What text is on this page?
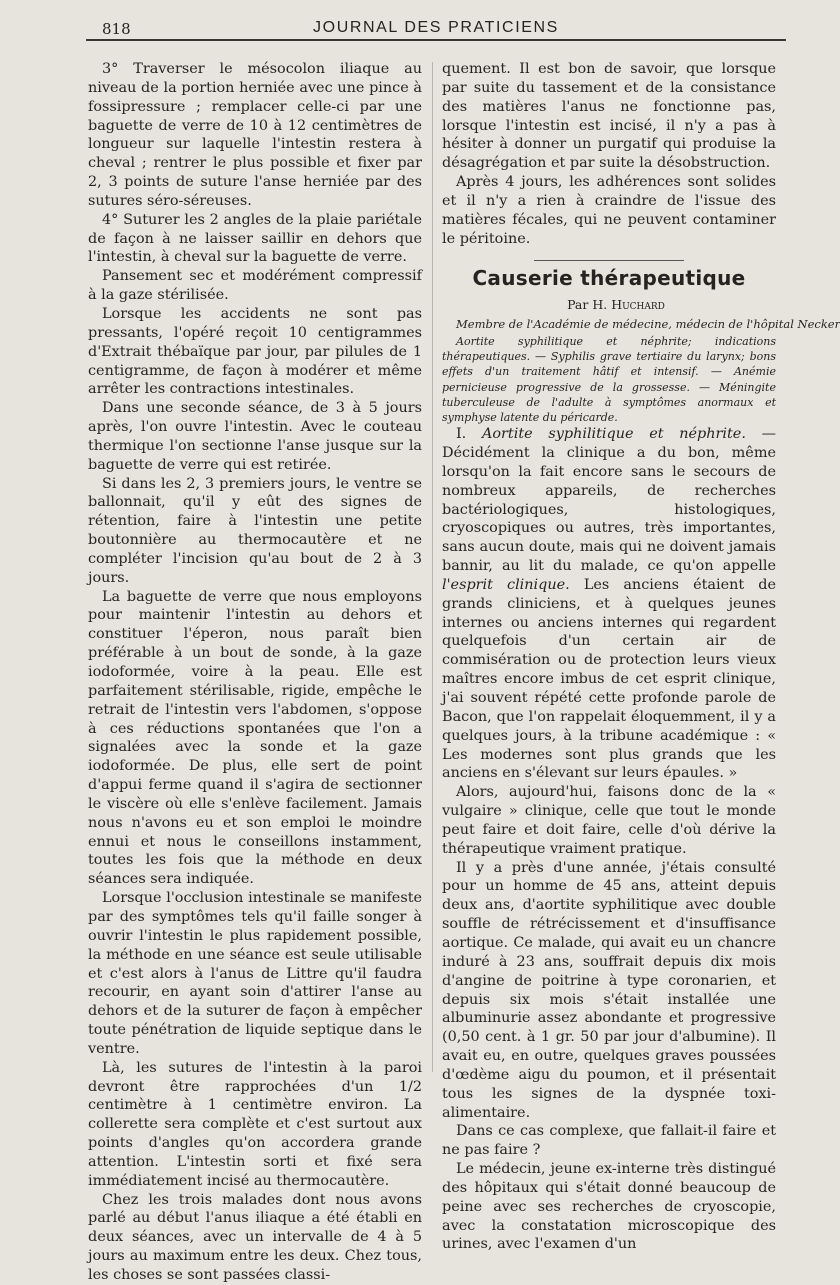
818	JOURNAL DES PRATICIENS

3° Traverser le mésocolon iliaque au niveau de la portion herniée avec une pince à fossipressure ; remplacer celle-ci par une baguette de verre de 10 à 12 centimètres de longueur sur laquelle l'intestin restera à cheval ; rentrer le plus possible et fixer par 2, 3 points de suture l'anse herniée par des sutures séro-séreuses.

4° Suturer les 2 angles de la plaie pariétale de façon à ne laisser saillir en dehors que l'intestin, à cheval sur la baguette de verre.

Pansement sec et modérément compressif à la gaze stérilisée.

Lorsque les accidents ne sont pas pressants, l'opéré reçoit 10 centigrammes d'Extrait thébaïque par jour, par pilules de 1 centigramme, de façon à modérer et même arrêter les contractions intestinales.

Dans une seconde séance, de 3 à 5 jours après, l'on ouvre l'intestin. Avec le couteau thermique l'on sectionne l'anse jusque sur la baguette de verre qui est retirée.

Si dans les 2, 3 premiers jours, le ventre se ballonnait, qu'il y eût des signes de rétention, faire à l'intestin une petite boutonnière au thermocautère et ne compléter l'incision qu'au bout de 2 à 3 jours.

La baguette de verre que nous employons pour maintenir l'intestin au dehors et constituer l'éperon, nous paraît bien préférable à un bout de sonde, à la gaze iodoformée, voire à la peau. Elle est parfaitement stérilisable, rigide, empêche le retrait de l'intestin vers l'abdomen, s'oppose à ces réductions spontanées que l'on a signalées avec la sonde et la gaze iodoformée. De plus, elle sert de point d'appui ferme quand il s'agira de sectionner le viscère où elle s'enlève facilement. Jamais nous n'avons eu et son emploi le moindre ennui et nous le conseillons instamment, toutes les fois que la méthode en deux séances sera indiquée.

Lorsque l'occlusion intestinale se manifeste par des symptômes tels qu'il faille songer à ouvrir l'intestin le plus rapidement possible, la méthode en une séance est seule utilisable et c'est alors à l'anus de Littre qu'il faudra recourir, en ayant soin d'attirer l'anse au dehors et de la suturer de façon à empêcher toute pénétration de liquide septique dans le ventre.

Là, les sutures de l'intestin à la paroi devront être rapprochées d'un 1/2 centimètre à 1 centimètre environ. La collerette sera complète et c'est surtout aux points d'angles qu'on accordera grande attention. L'intestin sorti et fixé sera immédiatement incisé au thermocautère.

Chez les trois malades dont nous avons parlé au début l'anus iliaque a été établi en deux séances, avec un intervalle de 4 à 5 jours au maximum entre les deux. Chez tous, les choses se sont passées classi-

quement. Il est bon de savoir, que lorsque par suite du tassement et de la consistance des matières l'anus ne fonctionne pas, lorsque l'intestin est incisé, il n'y a pas à hésiter à donner un purgatif qui produise la désagrégation et par suite la désobstruction.

Après 4 jours, les adhérences sont solides et il n'y a rien à craindre de l'issue des matières fécales, qui ne peuvent contaminer le péritoine.

Causerie thérapeutique

Par H. Huchard

Membre de l'Académie de médecine, médecin de l'hôpital Necker

Aortite syphilitique et néphrite; indications thérapeutiques. — Syphilis grave tertiaire du larynx; bons effets d'un traitement hâtif et intensif. — Anémie pernicieuse progressive de la grossesse. — Méningite tuberculeuse de l'adulte à symptômes anormaux et symphyse latente du péricarde.

I. Aortite syphilitique et néphrite. — Décidément la clinique a du bon, même lorsqu'on la fait encore sans le secours de nombreux appareils, de recherches bactériologiques, histologiques, cryoscopiques ou autres, très importantes, sans aucun doute, mais qui ne doivent jamais bannir, au lit du malade, ce qu'on appelle l'esprit clinique. Les anciens étaient de grands cliniciens, et à quelques jeunes internes ou anciens internes qui regardent quelquefois d'un certain air de commisération ou de protection leurs vieux maîtres encore imbus de cet esprit clinique, j'ai souvent répété cette profonde parole de Bacon, que l'on rappelait éloquemment, il y a quelques jours, à la tribune académique : « Les modernes sont plus grands que les anciens en s'élevant sur leurs épaules. »

Alors, aujourd'hui, faisons donc de la « vulgaire » clinique, celle que tout le monde peut faire et doit faire, celle d'où dérive la thérapeutique vraiment pratique.

Il y a près d'une année, j'étais consulté pour un homme de 45 ans, atteint depuis deux ans, d'aortite syphilitique avec double souffle de rétrécissement et d'insuffisance aortique. Ce malade, qui avait eu un chancre induré à 23 ans, souffrait depuis dix mois d'angine de poitrine à type coronarien, et depuis six mois s'était installée une albuminurie assez abondante et progressive (0,50 cent. à 1 gr. 50 par jour d'albumine). Il avait eu, en outre, quelques graves poussées d'œdème aigu du poumon, et il présentait tous les signes de la dyspnée toxi-alimentaire.

Dans ce cas complexe, que fallait-il faire et ne pas faire ?

Le médecin, jeune ex-interne très distingué des hôpitaux qui s'était donné beaucoup de peine avec ses recherches de cryoscopie, avec la constatation microscopique des urines, avec l'examen d'un
